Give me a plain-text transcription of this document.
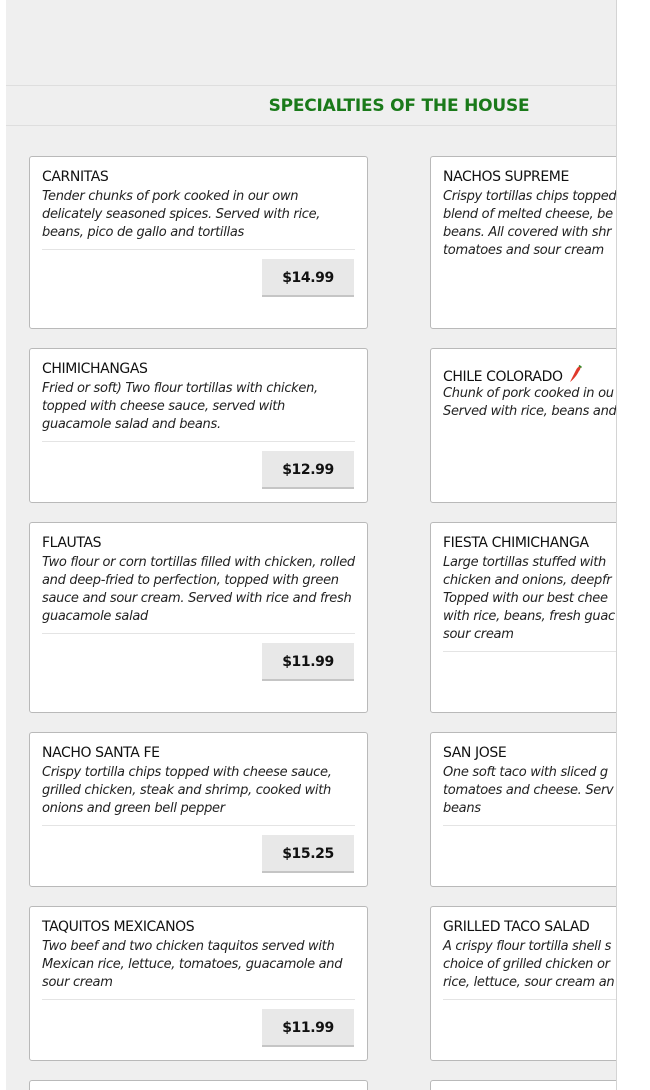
SPECIALTIES OF THE HOUSE
CARNITAS
Tender chunks of pork cooked in our own delicately seasoned spices. Served with rice, beans, pico de gallo and tortillas
$14.99
CHIMICHANGAS
Fried or soft) Two flour tortillas with chicken, topped with cheese sauce, served with guacamole salad and beans.
$12.99
FLAUTAS
Two flour or corn tortillas filled with chicken, rolled and deep-fried to perfection, topped with green sauce and sour cream. Served with rice and fresh guacamole salad
$11.99
NACHO SANTA FE
Crispy tortilla chips topped with cheese sauce, grilled chicken, steak and shrimp, cooked with onions and green bell pepper
$15.25
TAQUITOS MEXICANOS
Two beef and two chicken taquitos served with Mexican rice, lettuce, tomatoes, guacamole and sour cream
$11.99
NACHOS SUPREME
Crispy tortillas chips topped
blend of melted cheese, be
beans. All covered with shr
tomatoes and sour cream
CHILE COLORADO
Chunk of pork cooked in ou
Served with rice, beans and
FIESTA CHIMICHANGA
Large tortillas stuffed with
chicken and onions, deepfr
Topped with our best chee
with rice, beans, fresh guac
sour cream
SAN JOSE
One soft taco with sliced g
tomatoes and cheese. Serv
beans
GRILLED TACO SALAD
A crispy flour tortilla shell s
choice of grilled chicken or
rice, lettuce, sour cream an
